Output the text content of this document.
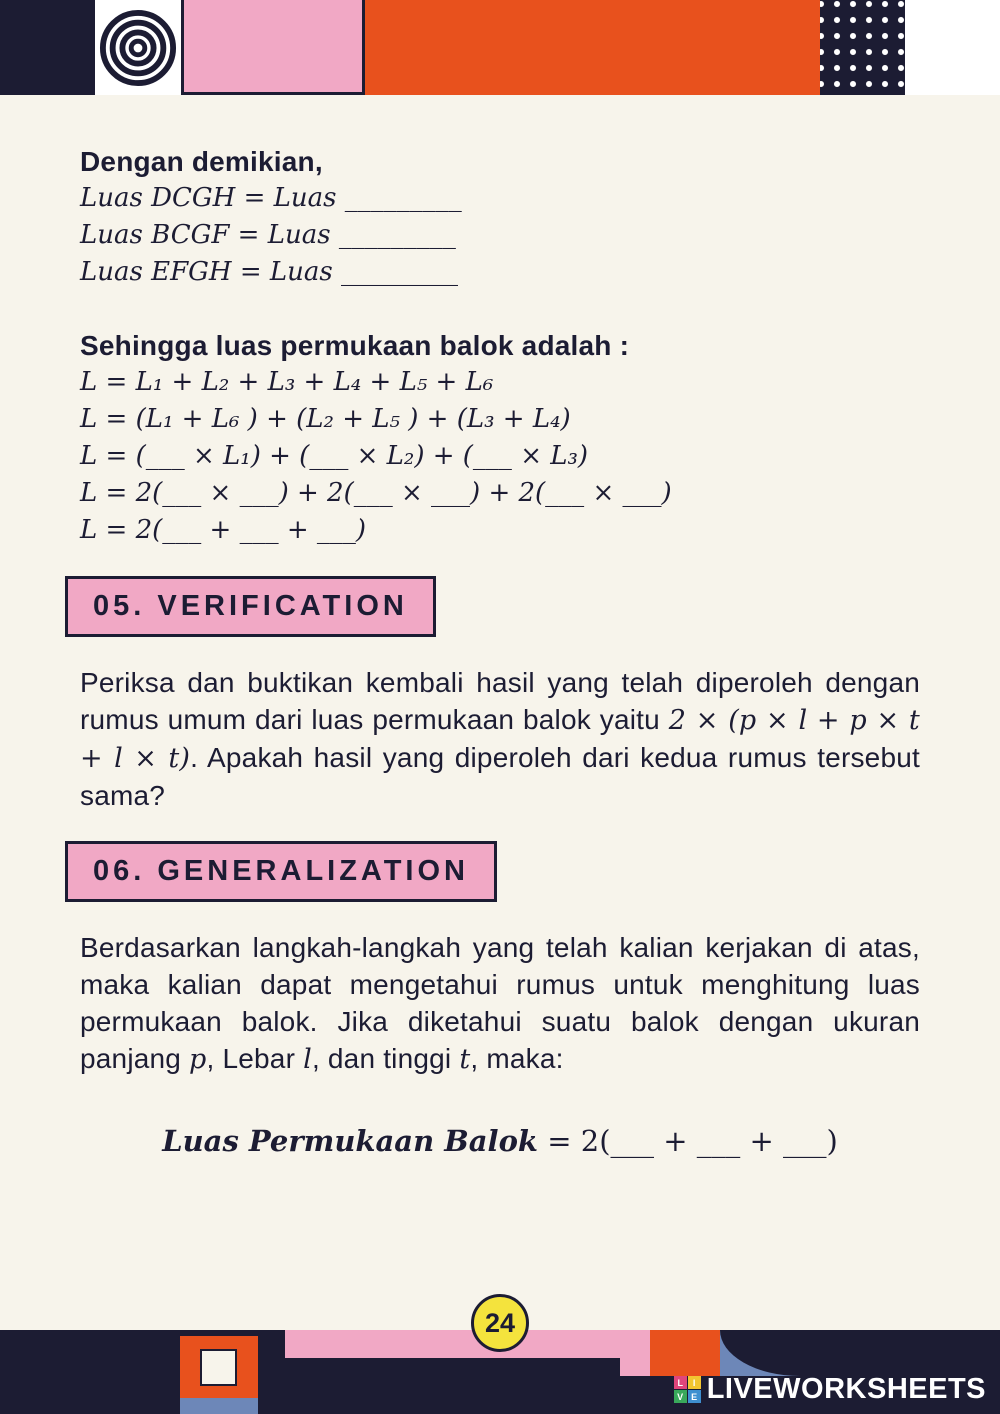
Dengan demikian,

Luas DCGH = Luas _________

Luas BCGF = Luas _________

Luas EFGH = Luas _________

Sehingga luas permukaan balok adalah :

L = L₁ + L₂ + L₃ + L₄ + L₅ + L₆

L = (L₁ + L₆ ) + (L₂ + L₅ ) + (L₃ + L₄)

L = (___ × L₁) + (___ × L₂) + (___ × L₃)

L = 2(___ × ___) + 2(___ × ___) + 2(___ × ___)

L = 2(___ + ___ + ___)

05. VERIFICATION

Periksa dan buktikan kembali hasil yang telah diperoleh dengan rumus umum dari luas permukaan balok yaitu 2 × (p × l + p × t + l × t). Apakah hasil yang diperoleh dari kedua rumus tersebut sama?

06. GENERALIZATION

Berdasarkan langkah-langkah yang telah kalian kerjakan di atas, maka kalian dapat mengetahui rumus untuk menghitung luas permukaan balok. Jika diketahui suatu balok dengan ukuran panjang p, Lebar l, dan tinggi t, maka:

Luas Permukaan Balok = 2(___ + ___ + ___)

24
L	I
V E LIVEWORKSHEETS
